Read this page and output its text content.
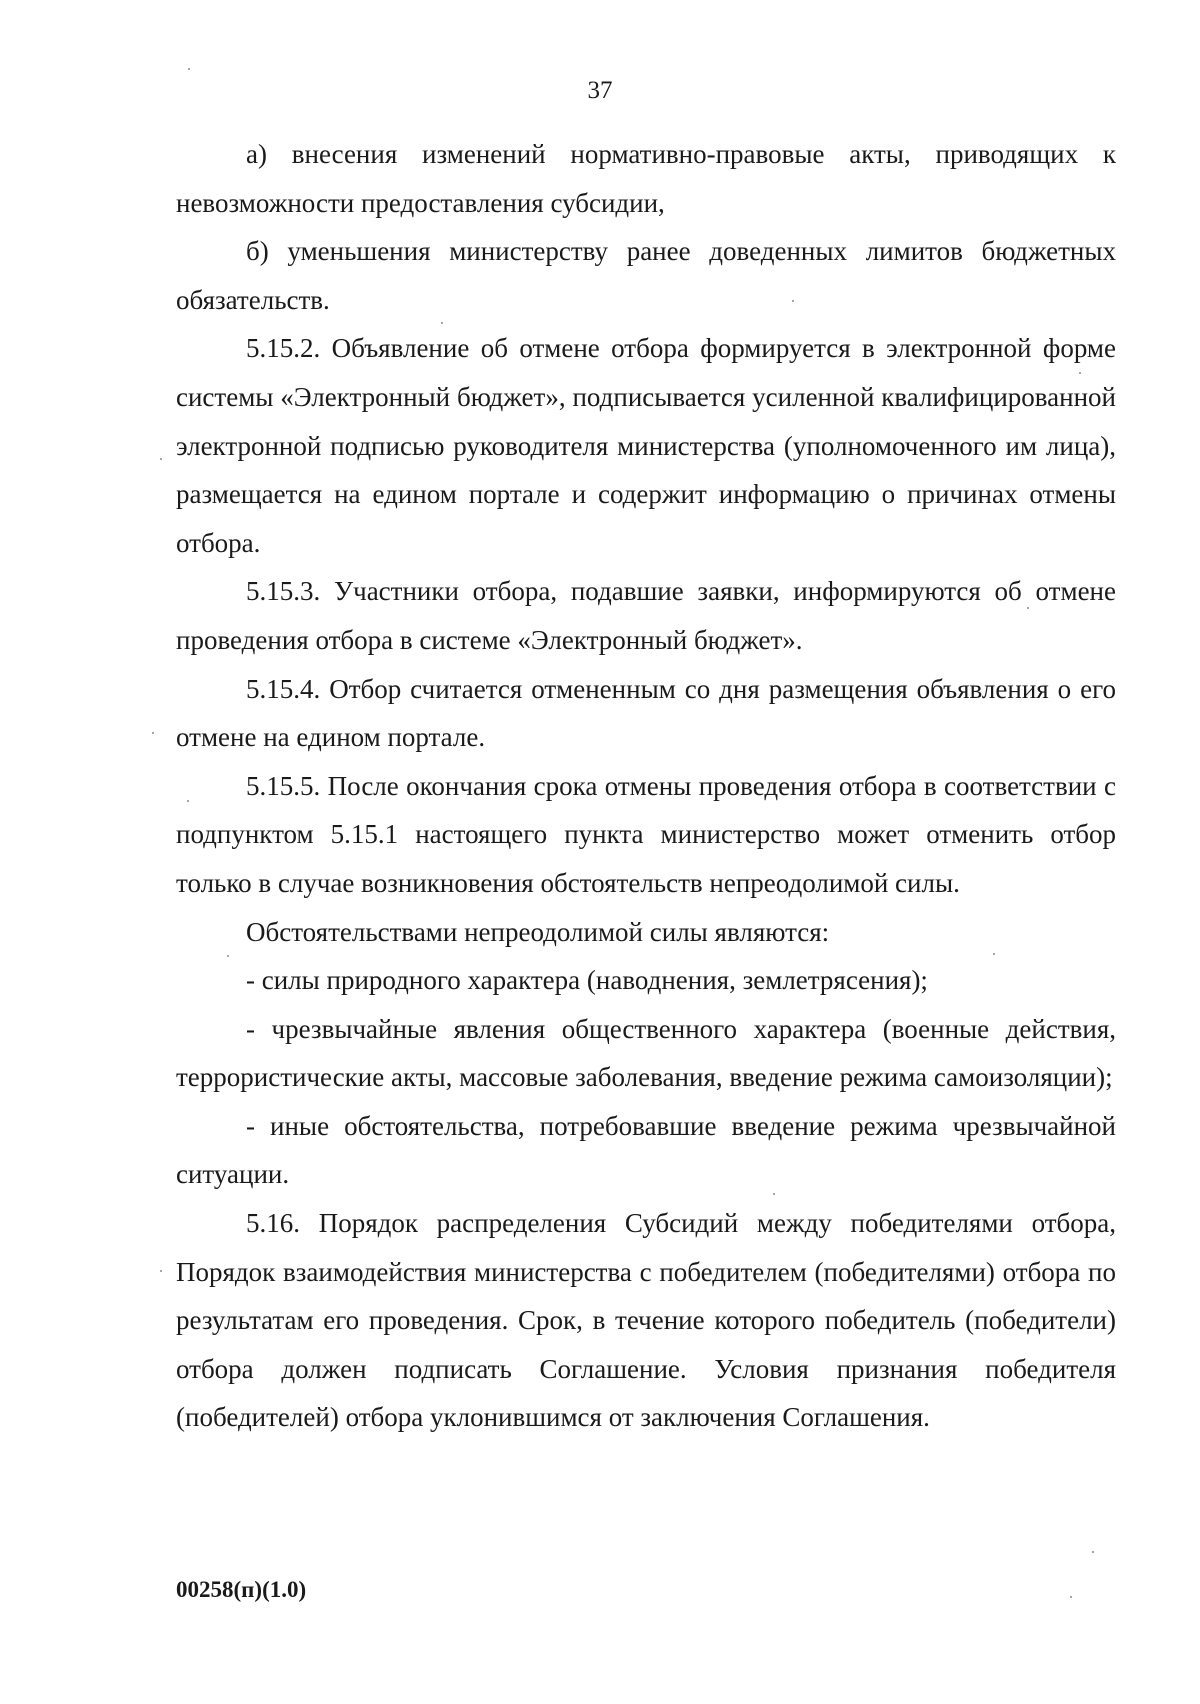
37

а) внесения изменений нормативно-правовые акты, приводящих к невозможности предоставления субсидии,

б) уменьшения министерству ранее доведенных лимитов бюджетных обязательств.

5.15.2. Объявление об отмене отбора формируется в электронной форме системы «Электронный бюджет», подписывается усиленной квалифицированной электронной подписью руководителя министерства (уполномоченного им лица), размещается на едином портале и содержит информацию о причинах отмены отбора.

5.15.3. Участники отбора, подавшие заявки, информируются об отмене проведения отбора в системе «Электронный бюджет».

5.15.4. Отбор считается отмененным со дня размещения объявления о его отмене на едином портале.

5.15.5. После окончания срока отмены проведения отбора в соответствии с подпунктом 5.15.1 настоящего пункта министерство может отменить отбор только в случае возникновения обстоятельств непреодолимой силы.

Обстоятельствами непреодолимой силы являются:

- силы природного характера (наводнения, землетрясения);

- чрезвычайные явления общественного характера (военные действия, террористические акты, массовые заболевания, введение режима самоизоляции);

- иные обстоятельства, потребовавшие введение режима чрезвычайной ситуации.

5.16. Порядок распределения Субсидий между победителями отбора, Порядок взаимодействия министерства с победителем (победителями) отбора по результатам его проведения. Срок, в течение которого победитель (победители) отбора должен подписать Соглашение. Условия признания победителя (победителей) отбора уклонившимся от заключения Соглашения.

00258(п)(1.0)
